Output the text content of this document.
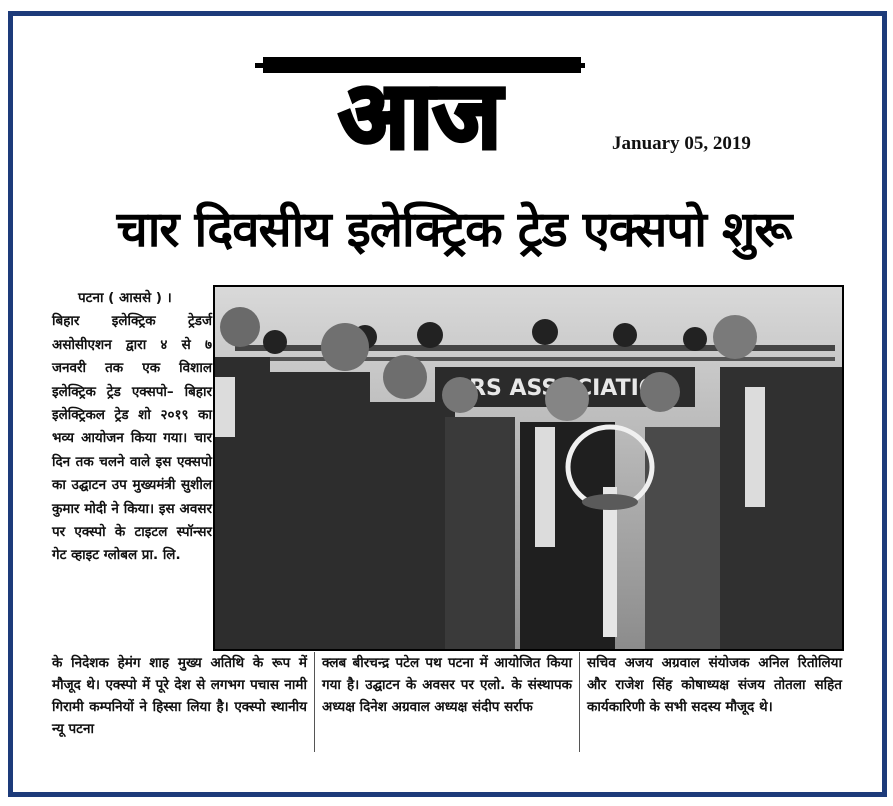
आज	January 05, 2019
चार दिवसीय इलेक्ट्रिक ट्रेड एक्सपो शुरू

पटना ( आससे ) ।

बिहार इलेक्ट्रिक ट्रेडर्ज असोसीएशन द्वारा ४ से ७ जनवरी तक एक विशाल इलेक्ट्रिक ट्रेड एक्सपो– बिहार इलेक्ट्रिकल ट्रेड शो २०१९ का भव्य आयोजन किया गया। चार दिन तक चलने वाले इस एक्सपो का उद्घाटन उप मुख्यमंत्री सुशील कुमार मोदी ने किया। इस अवसर पर एक्स्पो के टाइटल स्पॉन्सर गेट व्हाइट ग्लोबल प्रा. लि.

ERS ASSOCIATION
के निदेशक हेमंग शाह मुख्य अतिथि के रूप में मौजूद थे। एक्स्पो में पूरे देश से लगभग पचास नामी गिरामी कम्पनियों ने हिस्सा लिया है। एक्स्पो स्थानीय न्यू पटना
क्लब बीरचन्द्र पटेल पथ पटना में आयोजित किया गया है। उद्घाटन के अवसर पर एलो. के संस्थापक अध्यक्ष दिनेश अग्रवाल अध्यक्ष संदीप सर्राफ
सचिव अजय अग्रवाल संयोजक अनिल रितोलिया और राजेश सिंह कोषाध्यक्ष संजय तोतला सहित कार्यकारिणी के सभी सदस्य मौजूद थे।
